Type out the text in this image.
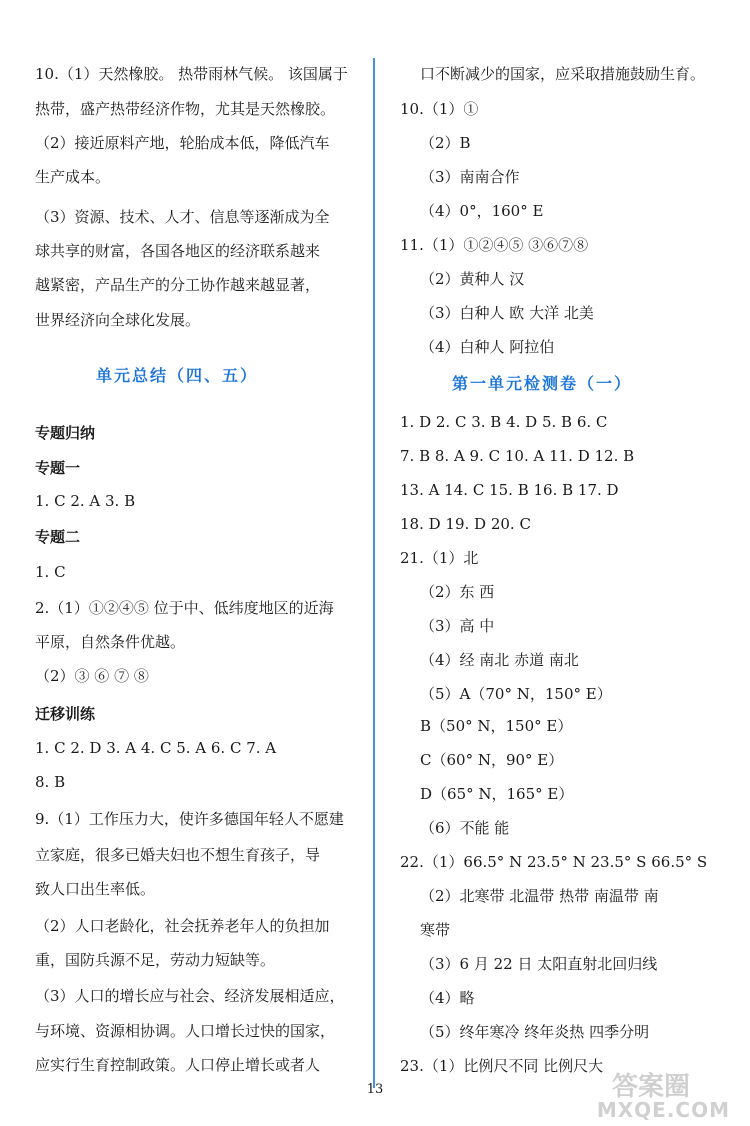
10.（1）天然橡胶。 热带雨林气候。 该国属于
热带，盛产热带经济作物，尤其是天然橡胶。
（2）接近原料产地，轮胎成本低，降低汽车
生产成本。
（3）资源、技术、人才、信息等逐渐成为全
球共享的财富，各国各地区的经济联系越来
越紧密，产品生产的分工协作越来越显著，
世界经济向全球化发展。
单元总结（四、五）
专题归纳
专题一
1. C 2. A 3. B
专题二
1. C
2.（1）①②④⑤ 位于中、低纬度地区的近海
平原，自然条件优越。
（2）③ ⑥ ⑦ ⑧
迁移训练
1. C 2. D 3. A 4. C 5. A 6. C 7. A
8. B
9.（1）工作压力大，使许多德国年轻人不愿建
立家庭，很多已婚夫妇也不想生育孩子，导
致人口出生率低。
（2）人口老龄化，社会抚养老年人的负担加
重，国防兵源不足，劳动力短缺等。
（3）人口的增长应与社会、经济发展相适应，
与环境、资源相协调。人口增长过快的国家，
应实行生育控制政策。人口停止增长或者人
口不断减少的国家，应采取措施鼓励生育。
10.（1）①
（2）B
（3）南南合作
（4）0°，160° E
11.（1）①②④⑤ ③⑥⑦⑧
（2）黄种人 汉
（3）白种人 欧 大洋 北美
（4）白种人 阿拉伯
第一单元检测卷（一）
1. D 2. C 3. B 4. D 5. B 6. C
7. B 8. A 9. C 10. A 11. D 12. B
13. A 14. C 15. B 16. B 17. D
18. D 19. D 20. C
21.（1）北
（2）东 西
（3）高 中
（4）经 南北 赤道 南北
（5）A（70° N，150° E）
B（50° N，150° E）
C（60° N，90° E）
D（65° N，165° E）
（6）不能 能
22.（1）66.5° N 23.5° N 23.5° S 66.5° S
（2）北寒带 北温带 热带 南温带 南
寒带
（3）6 月 22 日 太阳直射北回归线
（4）略
（5）终年寒冷 终年炎热 四季分明
23.（1）比例尺不同 比例尺大
13	答案圈
MXQE.COM
